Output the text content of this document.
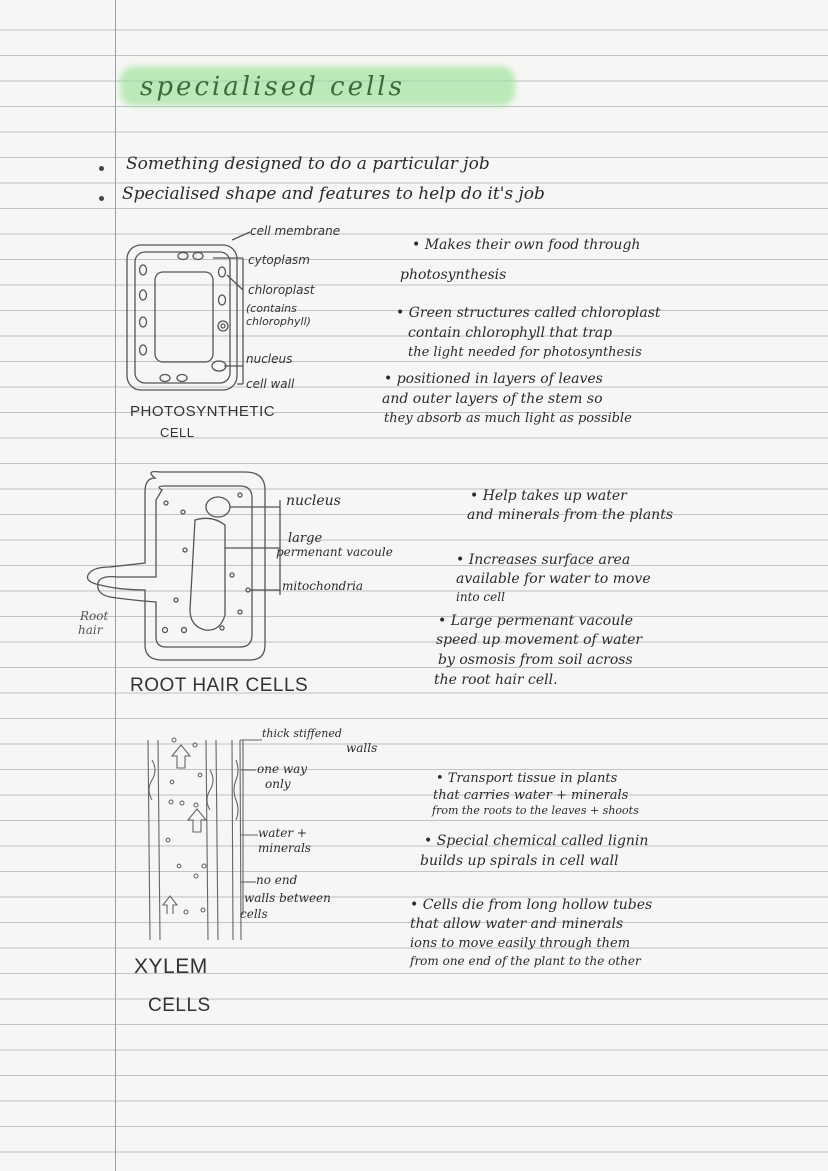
specialised cells
Something designed to do a particular job
Specialised shape and features to help do it's job
cell membrane
cytoplasm
chloroplast
(contains
chlorophyll)
nucleus
cell wall
PHOTOSYNTHETIC
CELL
• Makes their own food through
photosynthesis
• Green structures called chloroplast
contain chlorophyll that trap
the light needed for photosynthesis
• positioned in layers of leaves
and outer layers of the stem so
they absorb as much light as possible
nucleus
large
permenant vacoule
mitochondria
Root
hair
ROOT HAIR CELLS
• Help takes up water
and minerals from the plants
• Increases surface area
available for water to move
into cell
• Large permenant vacoule
speed up movement of water
by osmosis from soil across
the root hair cell.
thick stiffened
walls
one way
only
water +
minerals
no end
walls between
cells
XYLEM
CELLS
• Transport tissue in plants
that carries water + minerals
from the roots to the leaves + shoots
• Special chemical called lignin
builds up spirals in cell wall
• Cells die from long hollow tubes
that allow water and minerals
ions to move easily through them
from one end of the plant to the other
